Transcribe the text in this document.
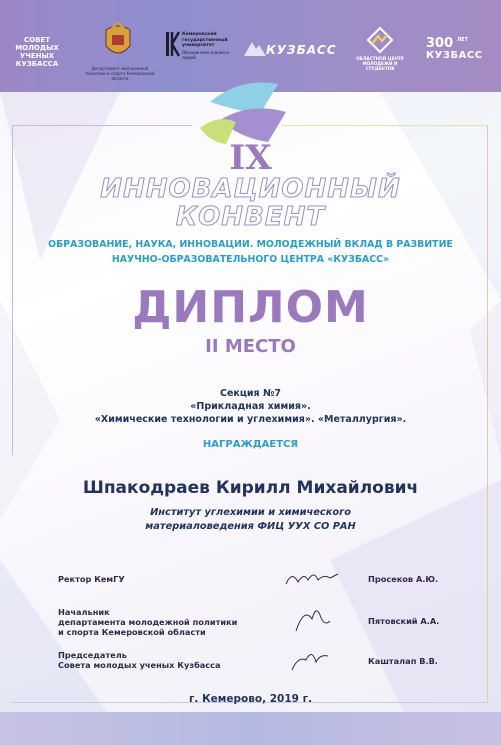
СОВЕТ МОЛОДЫХ УЧЕНЫХ КУЗБАССА
Департамент молодежной политики и спорта Кемеровской области
Кемеровский государственный университет
Объединяем знания и людей
КУЗБАСС
ОБЛАСТНОЙ ЦЕНТР МОЛОДЕЖИ И СТУДЕНТОВ
300 ЛЕТ
КУЗБАСС
IX
ИННОВАЦИОННЫЙ
КОНВЕНТ
ОБРАЗОВАНИЕ, НАУКА, ИННОВАЦИИ. МОЛОДЕЖНЫЙ ВКЛАД В РАЗВИТИЕ
НАУЧНО-ОБРАЗОВАТЕЛЬНОГО ЦЕНТРА «КУЗБАСС»
ДИПЛОМ
II МЕСТО
Секция №7
«Прикладная химия».
«Химические технологии и углехимия». «Металлургия».
НАГРАЖДАЕТСЯ
Шпакодраев Кирилл Михайлович
Институт углехимии и химического
материаловедения ФИЦ УУХ СО РАН
Ректор КемГУ	Просеков А.Ю.
Начальник
департамента молодежной политики
и спорта Кемеровской области
Пятовский А.А.
Председатель
Совета молодых ученых Кузбасса	Кашталап В.В.
г. Кемерово, 2019 г.
